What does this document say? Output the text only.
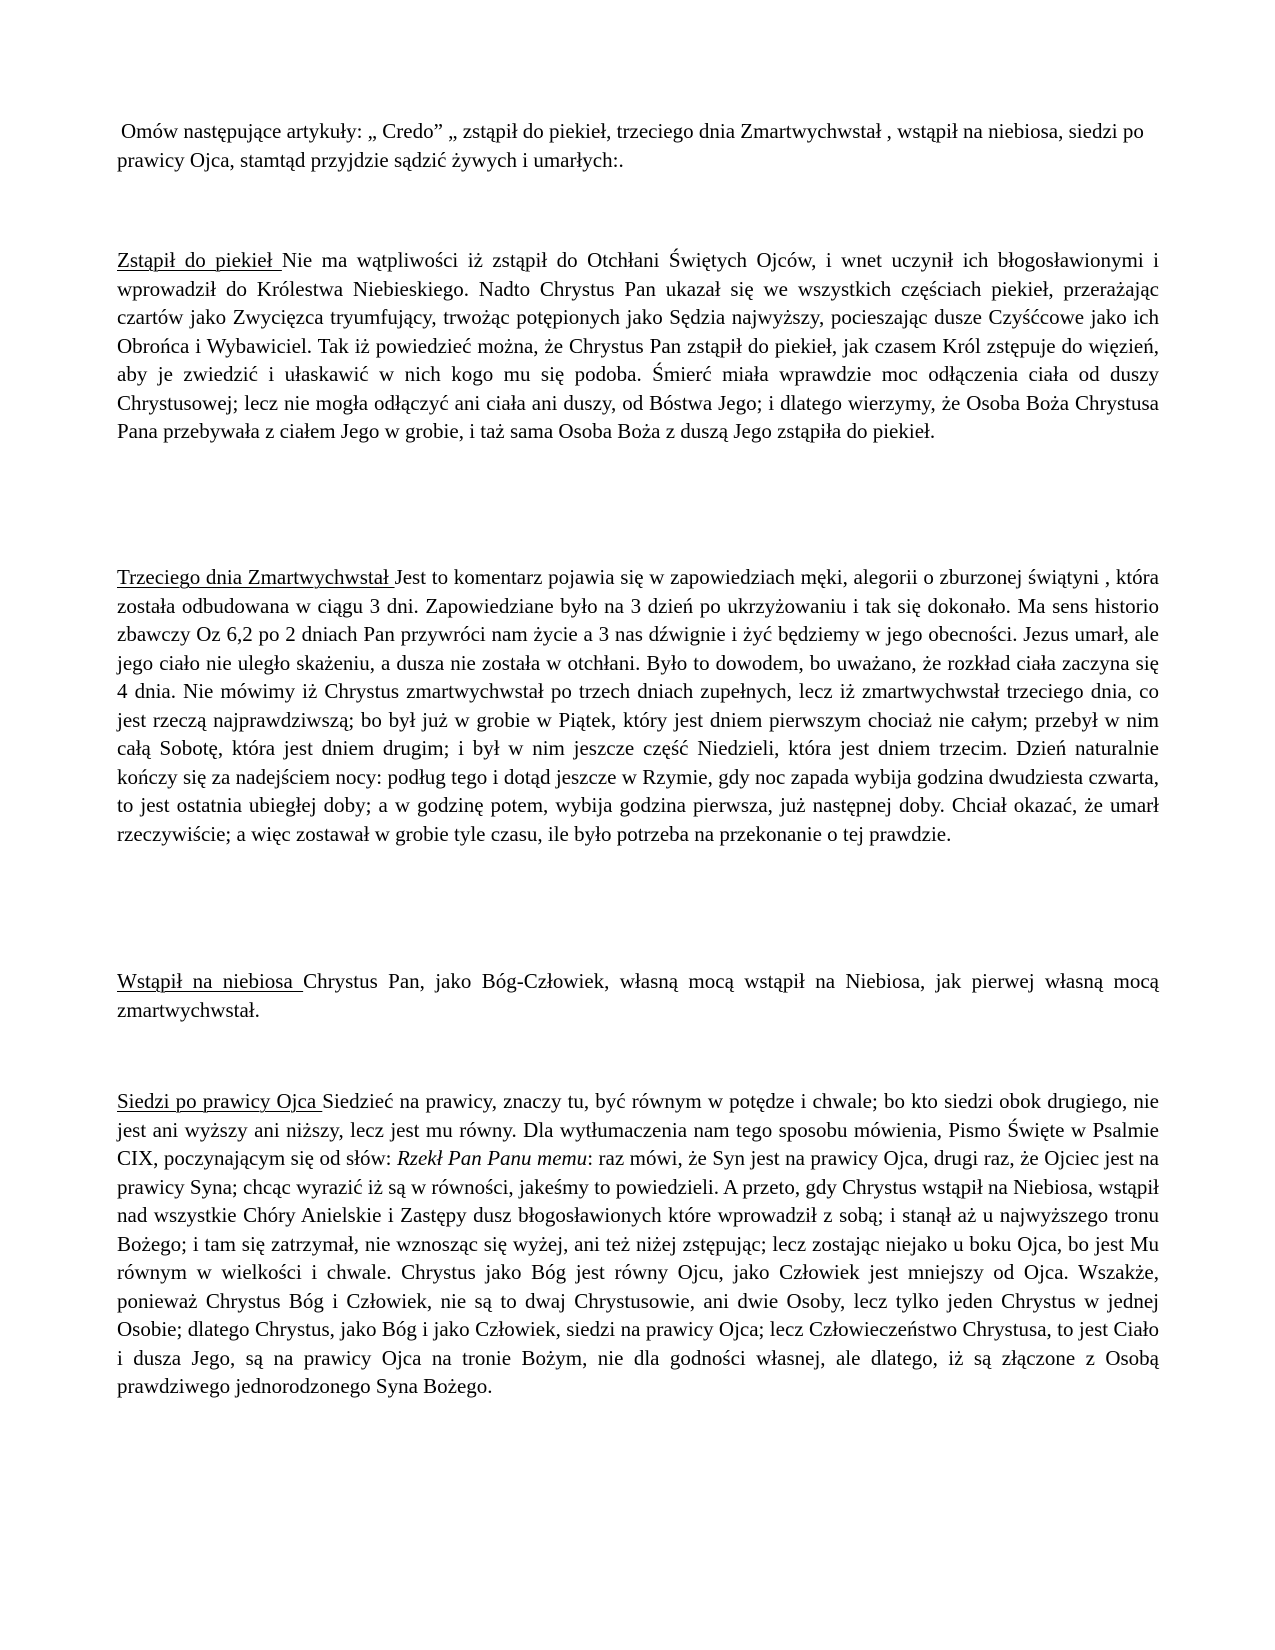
Omów następujące artykuły: „ Credo” „ zstąpił do piekieł, trzeciego dnia Zmartwychwstał , wstąpił na niebiosa, siedzi po prawicy Ojca, stamtąd przyjdzie sądzić żywych i umarłych:.

Zstąpił do piekieł Nie ma wątpliwości iż zstąpił do Otchłani Świętych Ojców, i wnet uczynił ich błogosławionymi i wprowadził do Królestwa Niebieskiego. Nadto Chrystus Pan ukazał się we wszystkich częściach piekieł, przerażając czartów jako Zwycięzca tryumfujący, trwożąc potępionych jako Sędzia najwyższy, pocieszając dusze Czyśćcowe jako ich Obrońca i Wybawiciel. Tak iż powiedzieć można, że Chrystus Pan zstąpił do piekieł, jak czasem Król zstępuje do więzień, aby je zwiedzić i ułaskawić w nich kogo mu się podoba. Śmierć miała wprawdzie moc odłączenia ciała od duszy Chrystusowej; lecz nie mogła odłączyć ani ciała ani duszy, od Bóstwa Jego; i dlatego wierzymy, że Osoba Boża Chrystusa Pana przebywała z ciałem Jego w grobie, i taż sama Osoba Boża z duszą Jego zstąpiła do piekieł.

Trzeciego dnia Zmartwychwstał Jest to komentarz pojawia się w zapowiedziach męki, alegorii o zburzonej świątyni , która została odbudowana w ciągu 3 dni. Zapowiedziane było na 3 dzień po ukrzyżowaniu i tak się dokonało. Ma sens historio zbawczy Oz 6,2 po 2 dniach Pan przywróci nam życie a 3 nas dźwignie i żyć będziemy w jego obecności. Jezus umarł, ale jego ciało nie uległo skażeniu, a dusza nie została w otchłani. Było to dowodem, bo uważano, że rozkład ciała zaczyna się 4 dnia. Nie mówimy iż Chrystus zmartwychwstał po trzech dniach zupełnych, lecz iż zmartwychwstał trzeciego dnia, co jest rzeczą najprawdziwszą; bo był już w grobie w Piątek, który jest dniem pierwszym chociaż nie całym; przebył w nim całą Sobotę, która jest dniem drugim; i był w nim jeszcze część Niedzieli, która jest dniem trzecim. Dzień naturalnie kończy się za nadejściem nocy: podług tego i dotąd jeszcze w Rzymie, gdy noc zapada wybija godzina dwudziesta czwarta, to jest ostatnia ubiegłej doby; a w godzinę potem, wybija godzina pierwsza, już następnej doby. Chciał okazać, że umarł rzeczywiście; a więc zostawał w grobie tyle czasu, ile było potrzeba na przekonanie o tej prawdzie.

Wstąpił na niebiosa Chrystus Pan, jako Bóg-Człowiek, własną mocą wstąpił na Niebiosa, jak pierwej własną mocą zmartwychwstał.

Siedzi po prawicy Ojca Siedzieć na prawicy, znaczy tu, być równym w potędze i chwale; bo kto siedzi obok drugiego, nie jest ani wyższy ani niższy, lecz jest mu równy. Dla wytłumaczenia nam tego sposobu mówienia, Pismo Święte w Psalmie CIX, poczynającym się od słów: Rzekł Pan Panu memu: raz mówi, że Syn jest na prawicy Ojca, drugi raz, że Ojciec jest na prawicy Syna; chcąc wyrazić iż są w równości, jakeśmy to powiedzieli. A przeto, gdy Chrystus wstąpił na Niebiosa, wstąpił nad wszystkie Chóry Anielskie i Zastępy dusz błogosławionych które wprowadził z sobą; i stanął aż u najwyższego tronu Bożego; i tam się zatrzymał, nie wznosząc się wyżej, ani też niżej zstępując; lecz zostając niejako u boku Ojca, bo jest Mu równym w wielkości i chwale. Chrystus jako Bóg jest równy Ojcu, jako Człowiek jest mniejszy od Ojca. Wszakże, ponieważ Chrystus Bóg i Człowiek, nie są to dwaj Chrystusowie, ani dwie Osoby, lecz tylko jeden Chrystus w jednej Osobie; dlatego Chrystus, jako Bóg i jako Człowiek, siedzi na prawicy Ojca; lecz Człowieczeństwo Chrystusa, to jest Ciało i dusza Jego, są na prawicy Ojca na tronie Bożym, nie dla godności własnej, ale dlatego, iż są złączone z Osobą prawdziwego jednorodzonego Syna Bożego.
